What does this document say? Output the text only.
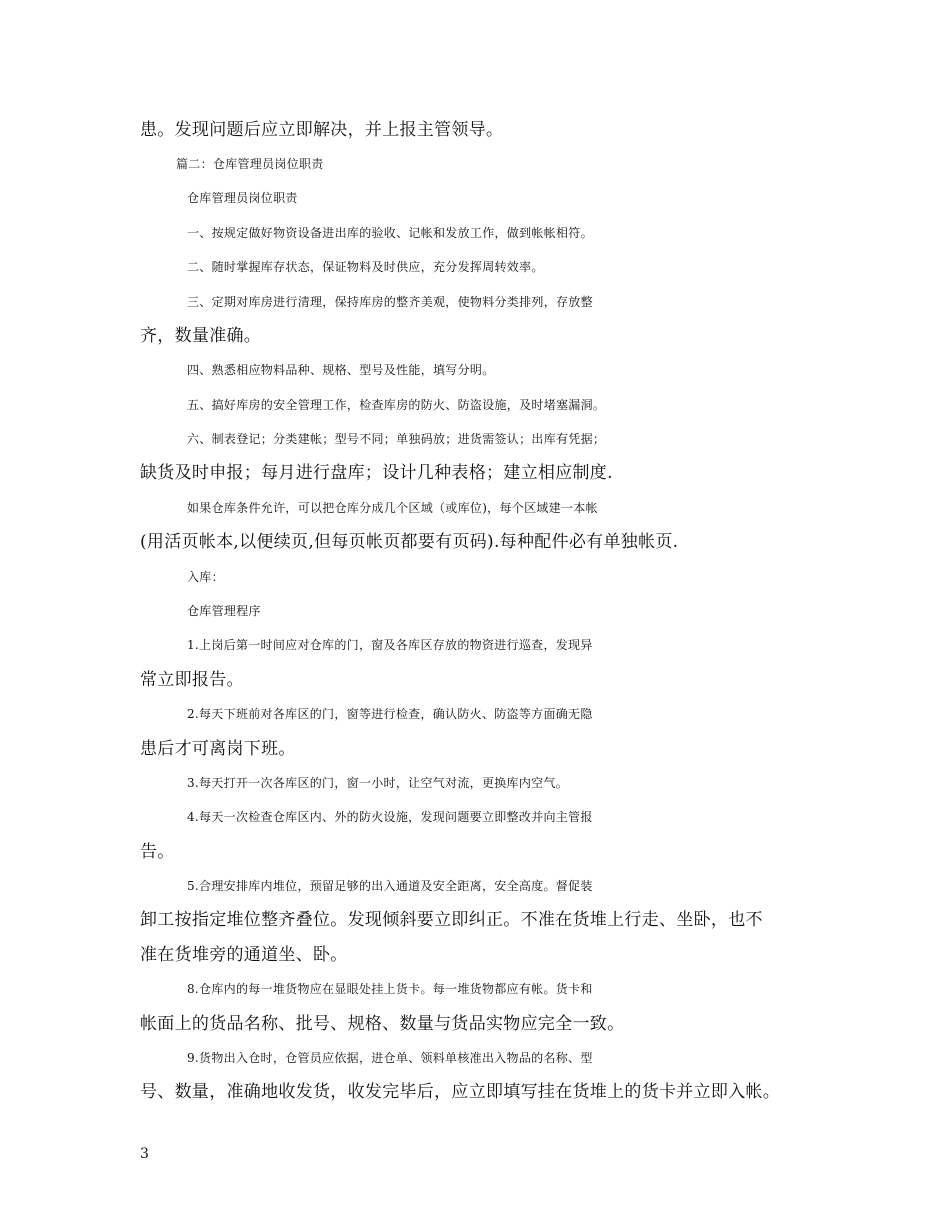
患。发现问题后应立即解决，并上报主管领导。
篇二：仓库管理员岗位职责
仓库管理员岗位职责
一、按规定做好物资设备进出库的验收、记帐和发放工作，做到帐帐相符。
二、随时掌握库存状态，保证物料及时供应，充分发挥周转效率。
三、定期对库房进行清理，保持库房的整齐美观，使物料分类排列，存放整
齐，数量准确。
四、熟悉相应物料品种、规格、型号及性能，填写分明。
五、搞好库房的安全管理工作，检查库房的防火、防盗设施，及时堵塞漏洞。
六、制表登记；分类建帐；型号不同；单独码放；进货需签认；出库有凭据；
缺货及时申报；每月进行盘库；设计几种表格；建立相应制度.
如果仓库条件允许，可以把仓库分成几个区域（或库位)，每个区域建一本帐
(用活页帐本,以便续页,但每页帐页都要有页码).每种配件必有单独帐页.
入库：
仓库管理程序
1.上岗后第一时间应对仓库的门，窗及各库区存放的物资进行巡查，发现异
常立即报告。
2.每天下班前对各库区的门，窗等进行检查，确认防火、防盗等方面确无隐
患后才可离岗下班。
3.每天打开一次各库区的门，窗一小时，让空气对流，更换库内空气。
4.每天一次检查仓库区内、外的防火设施，发现问题要立即整改并向主管报
告。
5.合理安排库内堆位，预留足够的出入通道及安全距离，安全高度。督促装
卸工按指定堆位整齐叠位。发现倾斜要立即纠正。不准在货堆上行走、坐卧，也不
准在货堆旁的通道坐、卧。
8.仓库内的每一堆货物应在显眼处挂上货卡。每一堆货物都应有帐。货卡和
帐面上的货品名称、批号、规格、数量与货品实物应完全一致。
9.货物出入仓时，仓管员应依据，进仓单、领料单核准出入物品的名称、型
号、数量，准确地收发货，收发完毕后，应立即填写挂在货堆上的货卡并立即入帐。
3
